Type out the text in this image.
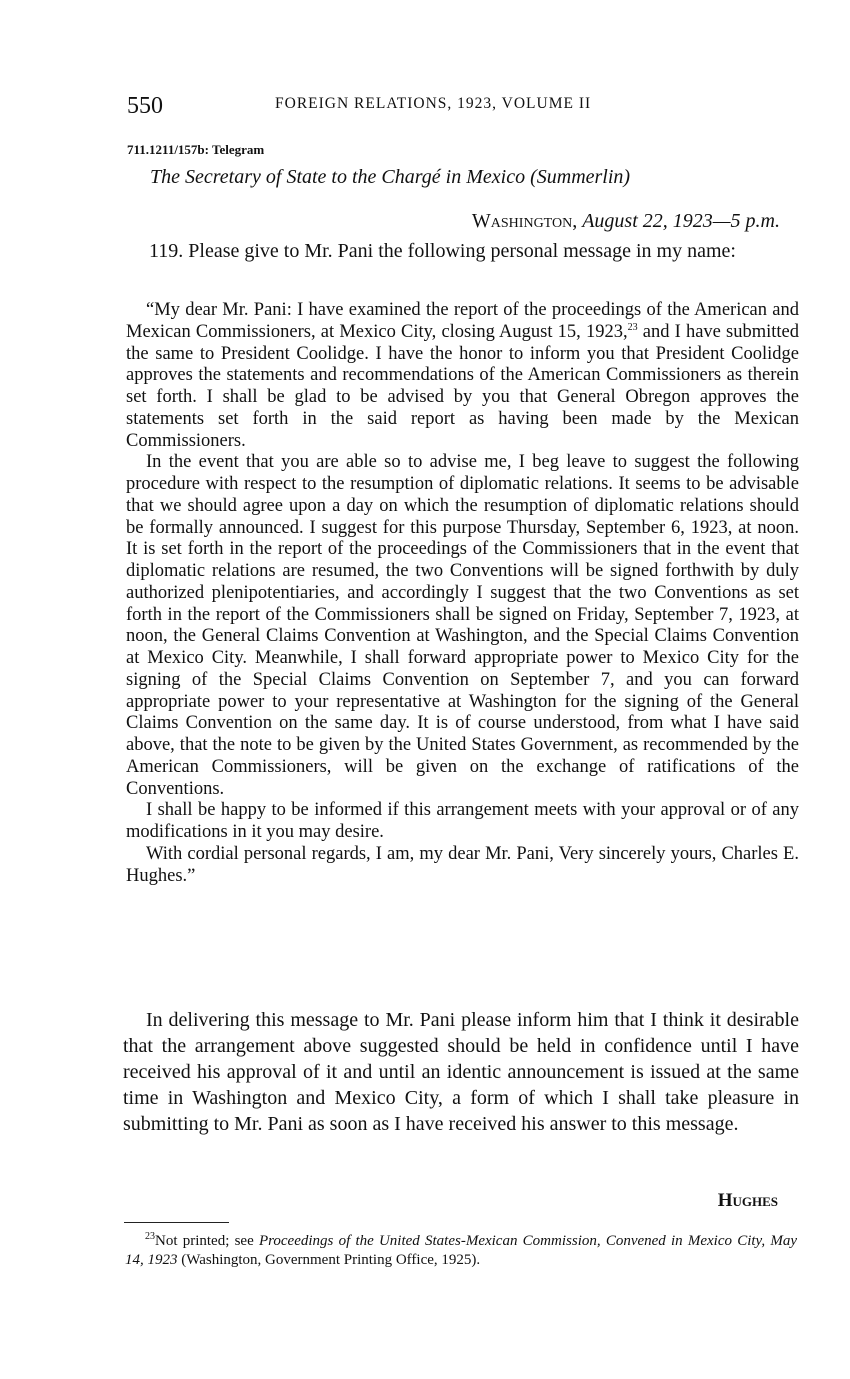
550	FOREIGN RELATIONS, 1923, VOLUME II
711.1211/157b: Telegram
The Secretary of State to the Chargé in Mexico (Summerlin)
Washington, August 22, 1923—5 p.m.

119. Please give to Mr. Pani the following personal message in my name:

“My dear Mr. Pani: I have examined the report of the proceedings of the American and Mexican Commissioners, at Mexico City, closing August 15, 1923,23 and I have submitted the same to President Coolidge. I have the honor to inform you that President Coolidge approves the statements and recommendations of the American Commissioners as therein set forth. I shall be glad to be advised by you that General Obregon approves the statements set forth in the said report as having been made by the Mexican Commissioners.

In the event that you are able so to advise me, I beg leave to suggest the following procedure with respect to the resumption of diplomatic relations. It seems to be advisable that we should agree upon a day on which the resumption of diplomatic relations should be formally announced. I suggest for this purpose Thursday, September 6, 1923, at noon. It is set forth in the report of the proceedings of the Commissioners that in the event that diplomatic relations are resumed, the two Conventions will be signed forthwith by duly authorized plenipotentiaries, and accordingly I suggest that the two Conventions as set forth in the report of the Commissioners shall be signed on Friday, September 7, 1923, at noon, the General Claims Convention at Washington, and the Special Claims Convention at Mexico City. Meanwhile, I shall forward appropriate power to Mexico City for the signing of the Special Claims Convention on September 7, and you can forward appropriate power to your representative at Washington for the signing of the General Claims Convention on the same day. It is of course understood, from what I have said above, that the note to be given by the United States Government, as recommended by the American Commissioners, will be given on the exchange of ratifications of the Conventions.

I shall be happy to be informed if this arrangement meets with your approval or of any modifications in it you may desire.

With cordial personal regards, I am, my dear Mr. Pani, Very sincerely yours, Charles E. Hughes.”

In delivering this message to Mr. Pani please inform him that I think it desirable that the arrangement above suggested should be held in confidence until I have received his approval of it and until an identic announcement is issued at the same time in Washington and Mexico City, a form of which I shall take pleasure in submitting to Mr. Pani as soon as I have received his answer to this message.

Hughes

$^{23}$Not printed; see Proceedings of the United States-Mexican Commission, Convened in Mexico City, May 14, 1923 (Washington, Government Printing Office, 1925).
